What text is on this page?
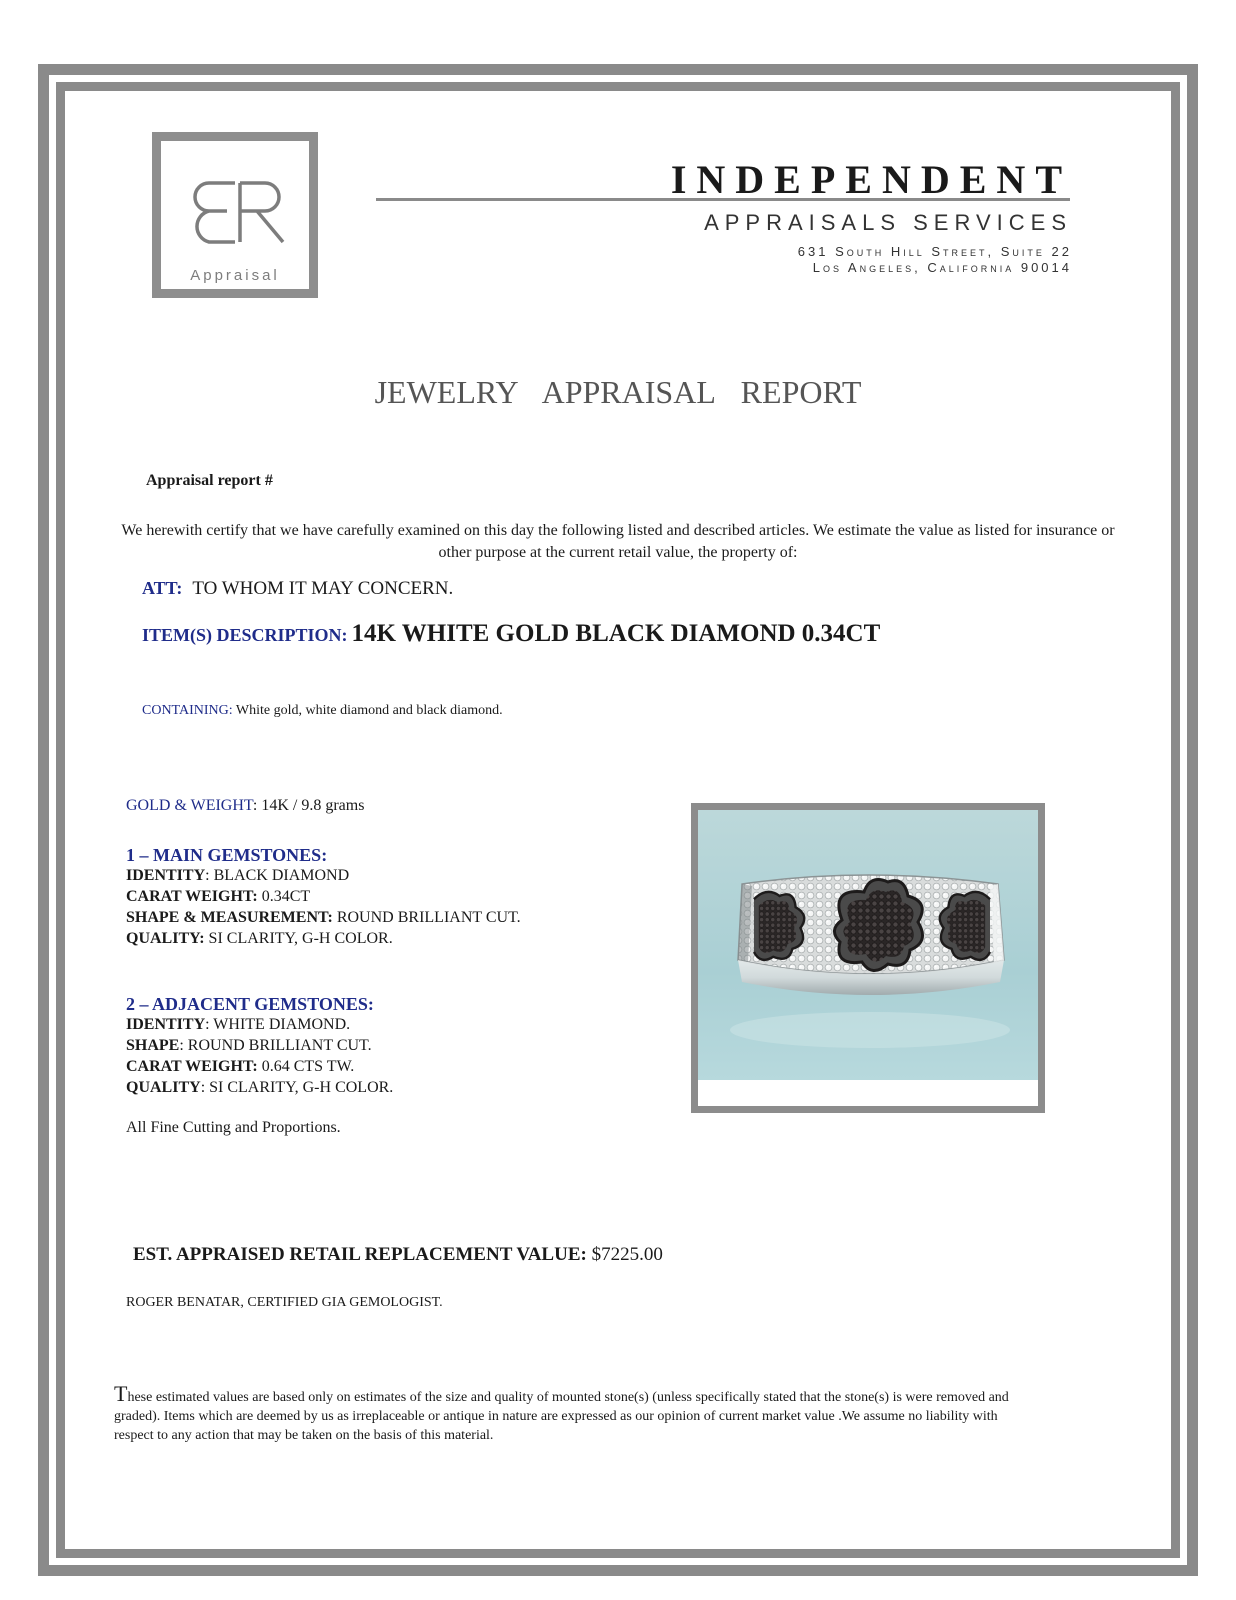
Appraisal
INDEPENDENT
APPRAISALS SERVICES
631 South Hill Street, Suite 22
Los Angeles, California 90014
JEWELRY APPRAISAL REPORT
Appraisal report #
We herewith certify that we have carefully examined on this day the following listed and described articles. We estimate the value as listed for insurance or other purpose at the current retail value, the property of:
ATT: TO WHOM IT MAY CONCERN.
ITEM(S) DESCRIPTION: 14K WHITE GOLD BLACK DIAMOND 0.34CT
CONTAINING: White gold, white diamond and black diamond.
GOLD & WEIGHT: 14K / 9.8 grams
1 – MAIN GEMSTONES:
IDENTITY: BLACK DIAMOND
CARAT WEIGHT: 0.34CT
SHAPE & MEASUREMENT: ROUND BRILLIANT CUT.
QUALITY: SI CLARITY, G-H COLOR.
2 – ADJACENT GEMSTONES:
IDENTITY: WHITE DIAMOND.
SHAPE: ROUND BRILLIANT CUT.
CARAT WEIGHT: 0.64 CTS TW.
QUALITY: SI CLARITY, G-H COLOR.
All Fine Cutting and Proportions.
EST. APPRAISED RETAIL REPLACEMENT VALUE: $7225.00
ROGER BENATAR, CERTIFIED GIA GEMOLOGIST.
These estimated values are based only on estimates of the size and quality of mounted stone(s) (unless specifically stated that the stone(s) is were removed and graded). Items which are deemed by us as irreplaceable or antique in nature are expressed as our opinion of current market value .We assume no liability with respect to any action that may be taken on the basis of this material.
